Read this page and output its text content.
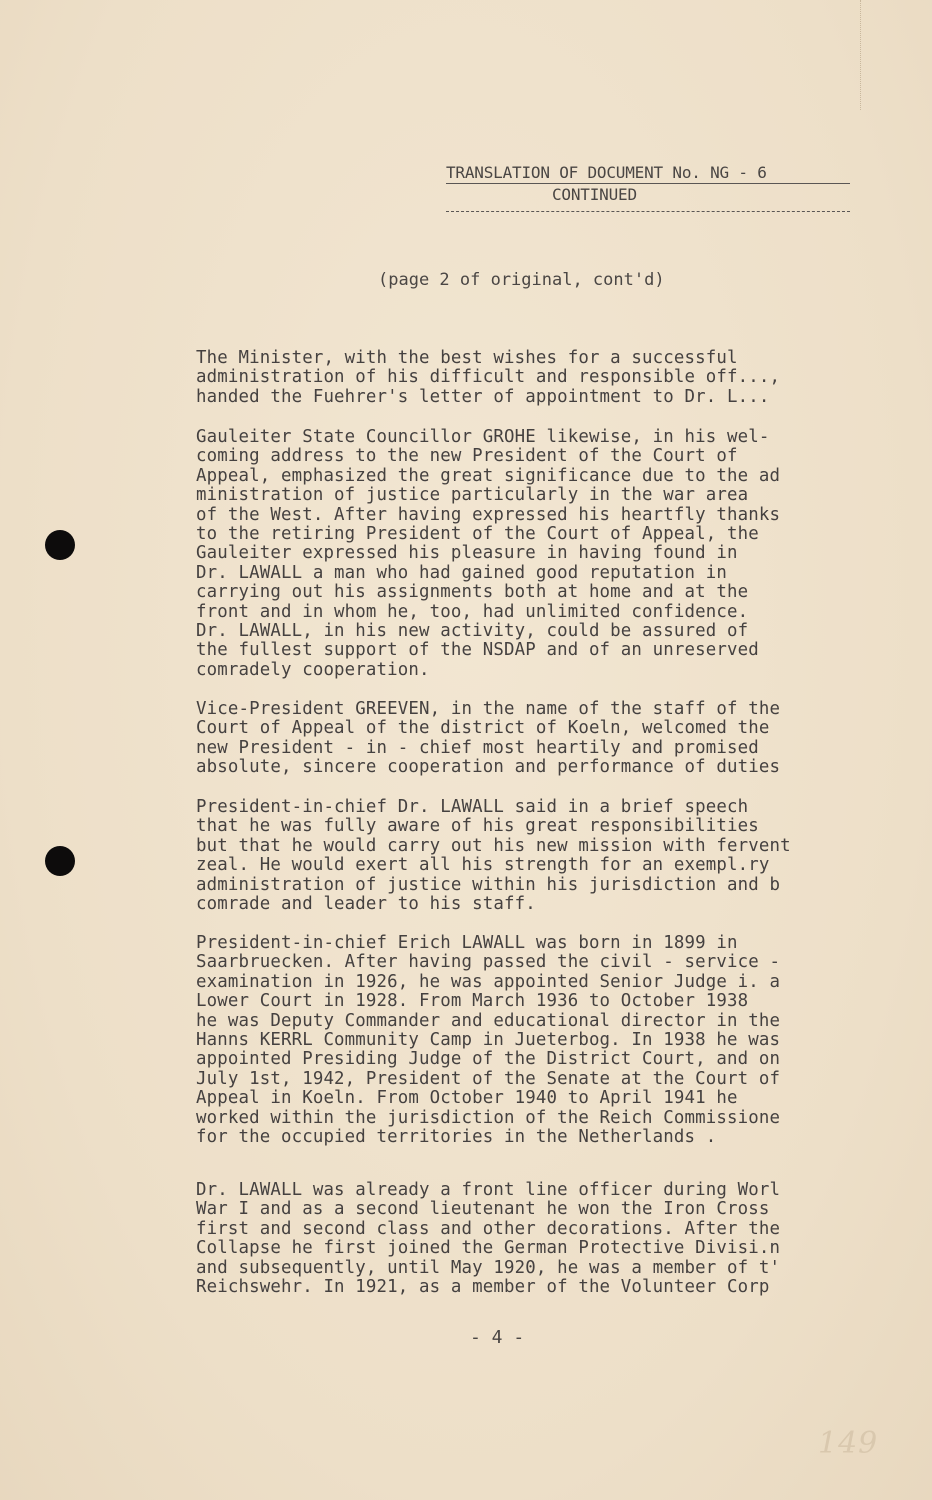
TRANSLATION OF DOCUMENT No. NG - 6
CONTINUED
(page 2 of original, cont'd)
The Minister, with the best wishes for a successful
administration of his difficult and responsible off...,
handed the Fuehrer's letter of appointment to Dr. L...
Gauleiter State Councillor GROHÉ likewise, in his wel-
coming address to the new President of the Court of
Appeal, emphasized the great significance due to the ad
ministration of justice particularly in the war area
of the West. After having expressed his heartfly thanks
to the retiring President of the Court of Appeal, the
Gauleiter expressed his pleasure in having found in
Dr. LAWALL a man who had gained good reputation in
carrying out his assignments both at home and at the
front and in whom he, too, had unlimited confidence.
Dr. LAWALL, in his new activity, could be assured of
the fullest support of the NSDAP and of an unreserved
comradely cooperation.
Vice-President GREEVEN, in the name of the staff of the
Court of Appeal of the district of Koeln, welcomed the
new President - in - chief most heartily and promised
absolute, sincere cooperation and performance of duties
President-in-chief Dr. LAWALL said in a brief speech
that he was fully aware of his great responsibilities
but that he would carry out his new mission with fervent
zeal. He would exert all his strength for an exempl.ry
administration of justice within his jurisdiction and b
comrade and leader to his staff.
President-in-chief Erich LAWALL was born in 1899 in
Saarbruecken. After having passed the civil - service -
examination in 1926, he was appointed Senior Judge i. a
Lower Court in 1928. From March 1936 to October 1938
he was Deputy Commander and educational director in the
Hanns KERRL Community Camp in Jueterbog. In 1938 he was
appointed Presiding Judge of the District Court, and on
July 1st, 1942, President of the Senate at the Court of
Appeal in Koeln. From October 1940 to April 1941 he
worked within the jurisdiction of the Reich Commissione
for the occupied territories in the Netherlands .
Dr. LAWALL was already a front line officer during Worl
War I and as a second lieutenant he won the Iron Cross
first and second class and other decorations. After the
Collapse he first joined the German Protective Divisi.n
and subsequently, until May 1920, he was a member of t'
Reichswehr. In 1921, as a member of the Volunteer Corp
- 4 -
149
